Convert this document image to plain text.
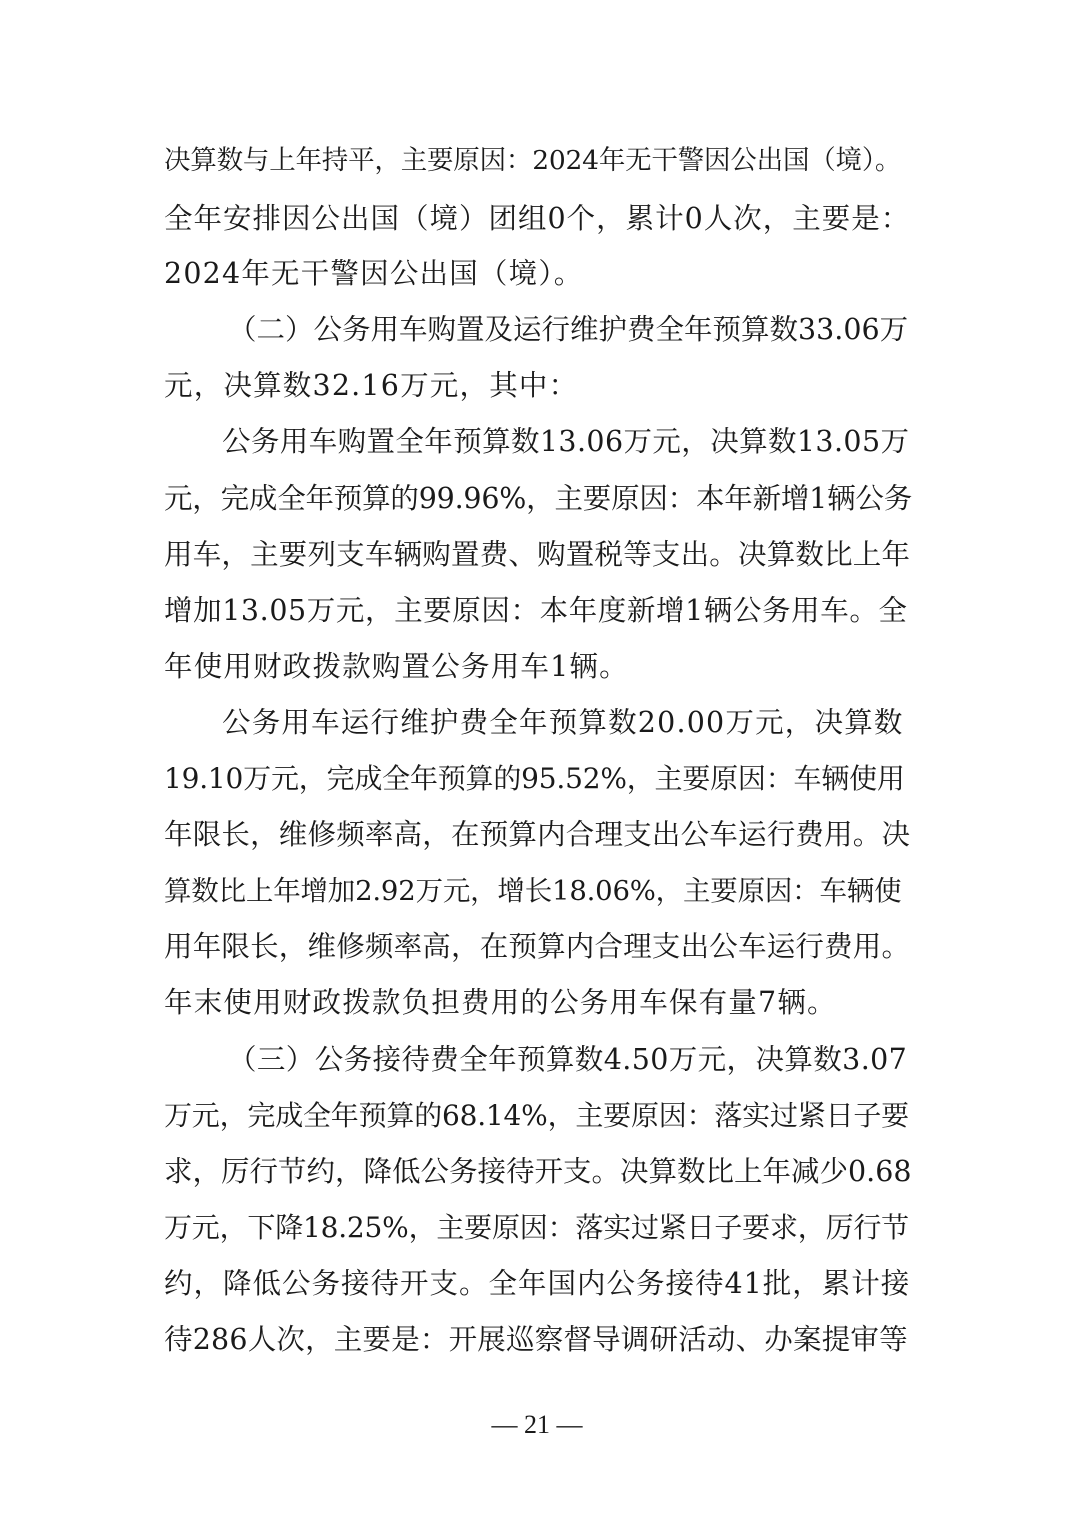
决算数与上年持平，主要原因：2024年无干警因公出国（境）。
全年安排因公出国（境）团组0个，累计0人次，主要是：
2024年无干警因公出国（境）。
（二）公务用车购置及运行维护费全年预算数33.06万
元，决算数32.16万元，其中：
公务用车购置全年预算数13.06万元，决算数13.05万
元，完成全年预算的99.96%，主要原因：本年新增1辆公务
用车，主要列支车辆购置费、购置税等支出。决算数比上年
增加13.05万元，主要原因：本年度新增1辆公务用车。全
年使用财政拨款购置公务用车1辆。
公务用车运行维护费全年预算数20.00万元，决算数
19.10万元，完成全年预算的95.52%，主要原因：车辆使用
年限长，维修频率高，在预算内合理支出公车运行费用。决
算数比上年增加2.92万元，增长18.06%，主要原因：车辆使
用年限长，维修频率高，在预算内合理支出公车运行费用。
年末使用财政拨款负担费用的公务用车保有量7辆。
（三）公务接待费全年预算数4.50万元，决算数3.07
万元，完成全年预算的68.14%，主要原因：落实过紧日子要
求，厉行节约，降低公务接待开支。决算数比上年减少0.68
万元，下降18.25%，主要原因：落实过紧日子要求，厉行节
约，降低公务接待开支。全年国内公务接待41批，累计接
待286人次，主要是：开展巡察督导调研活动、办案提审等
— 21 —
